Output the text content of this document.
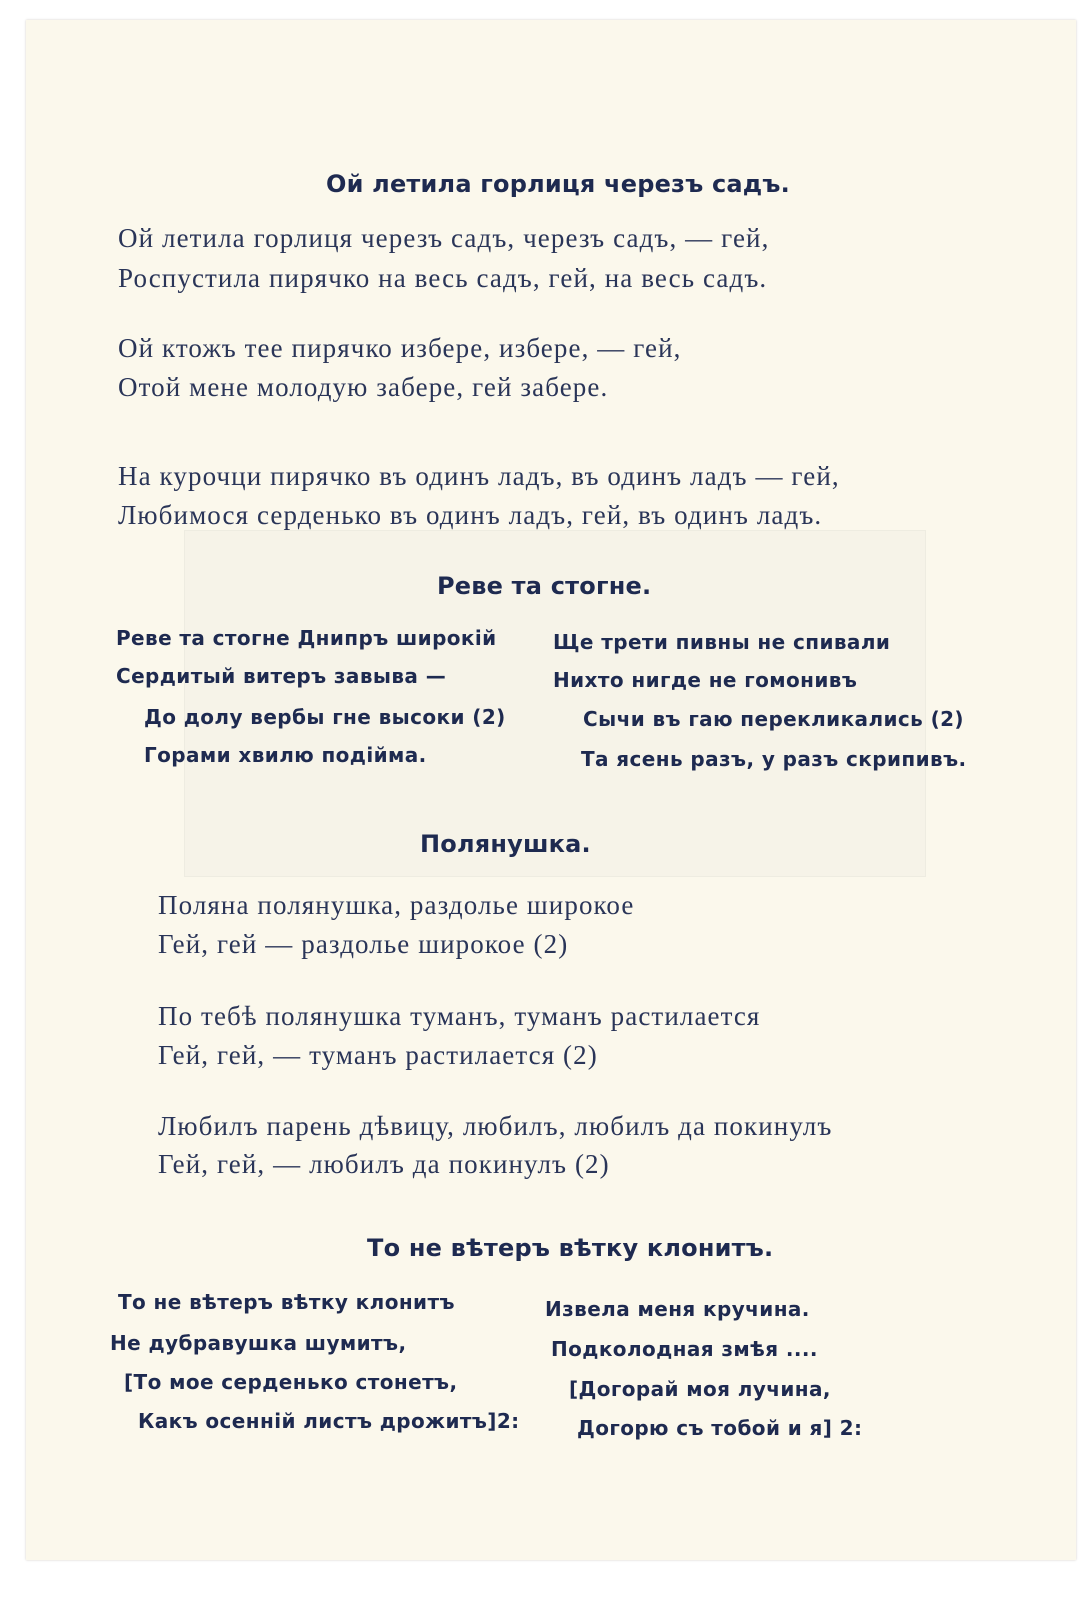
Ой летила горлиця черезъ садъ.
Ой летила горлиця черезъ садъ, черезъ садъ, — гей,
Роспустила пирячко на весь садъ, гей, на весь садъ.
Ой ктожъ тее пирячко избере, избере, — гей,
Отой мене молодую забере, гей забере.
На курочци пирячко въ одинъ ладъ, въ одинъ ладъ — гей,
Любимося серденько въ одинъ ладъ, гей, въ одинъ ладъ.
Реве та стогне.
Реве та стогне Днипръ широкій
Сердитый витеръ завыва —
До долу вербы гне высоки (2)
Горами хвилю подійма.
Ще трети пивны не спивали
Нихто нигде не гомонивъ
Сычи въ гаю перекликались (2)
Та ясень разъ, у разъ скрипивъ.
Полянушка.
Поляна полянушка, раздолье широкое
Гей, гей — раздолье широкое (2)
По тебѣ полянушка туманъ, туманъ растилается
Гей, гей, — туманъ растилается (2)
Любилъ парень дѣвицу, любилъ, любилъ да покинулъ
Гей, гей, — любилъ да покинулъ (2)
То не вѣтеръ вѣтку клонитъ.
То не вѣтеръ вѣтку клонитъ
Не дубравушка шумитъ,
[То мое серденько стонетъ,
Какъ осенній листъ дрожитъ]2:
Извела меня кручина.
Подколодная змѣя ....
[Догорай моя лучина,
Догорю съ тобой и я] 2:
